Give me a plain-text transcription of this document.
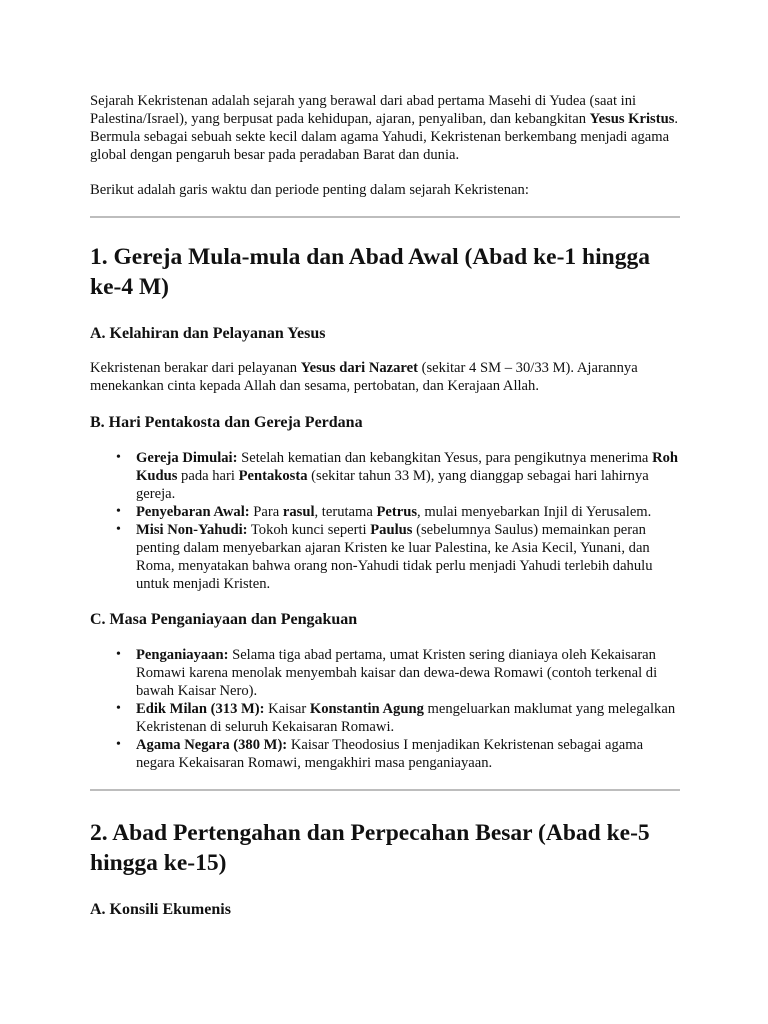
Sejarah Kekristenan adalah sejarah yang berawal dari abad pertama Masehi di Yudea (saat ini Palestina/Israel), yang berpusat pada kehidupan, ajaran, penyaliban, dan kebangkitan Yesus Kristus. Bermula sebagai sebuah sekte kecil dalam agama Yahudi, Kekristenan berkembang menjadi agama global dengan pengaruh besar pada peradaban Barat dan dunia.

Berikut adalah garis waktu dan periode penting dalam sejarah Kekristenan:

1. Gereja Mula-mula dan Abad Awal (Abad ke-1 hingga ke-4 M)
A. Kelahiran dan Pelayanan Yesus

Kekristenan berakar dari pelayanan Yesus dari Nazaret (sekitar 4 SM – 30/33 M). Ajarannya menekankan cinta kepada Allah dan sesama, pertobatan, dan Kerajaan Allah.

B. Hari Pentakosta dan Gereja Perdana
• Gereja Dimulai: Setelah kematian dan kebangkitan Yesus, para pengikutnya menerima Roh Kudus pada hari Pentakosta (sekitar tahun 33 M), yang dianggap sebagai hari lahirnya gereja.
• Penyebaran Awal: Para rasul, terutama Petrus, mulai menyebarkan Injil di Yerusalem.
• Misi Non-Yahudi: Tokoh kunci seperti Paulus (sebelumnya Saulus) memainkan peran penting dalam menyebarkan ajaran Kristen ke luar Palestina, ke Asia Kecil, Yunani, dan Roma, menyatakan bahwa orang non-Yahudi tidak perlu menjadi Yahudi terlebih dahulu untuk menjadi Kristen.
C. Masa Penganiayaan dan Pengakuan
• Penganiayaan: Selama tiga abad pertama, umat Kristen sering dianiaya oleh Kekaisaran Romawi karena menolak menyembah kaisar dan dewa-dewa Romawi (contoh terkenal di bawah Kaisar Nero).
• Edik Milan (313 M): Kaisar Konstantin Agung mengeluarkan maklumat yang melegalkan Kekristenan di seluruh Kekaisaran Romawi.
• Agama Negara (380 M): Kaisar Theodosius I menjadikan Kekristenan sebagai agama negara Kekaisaran Romawi, mengakhiri masa penganiayaan.
2. Abad Pertengahan dan Perpecahan Besar (Abad ke-5 hingga ke-15)
A. Konsili Ekumenis
